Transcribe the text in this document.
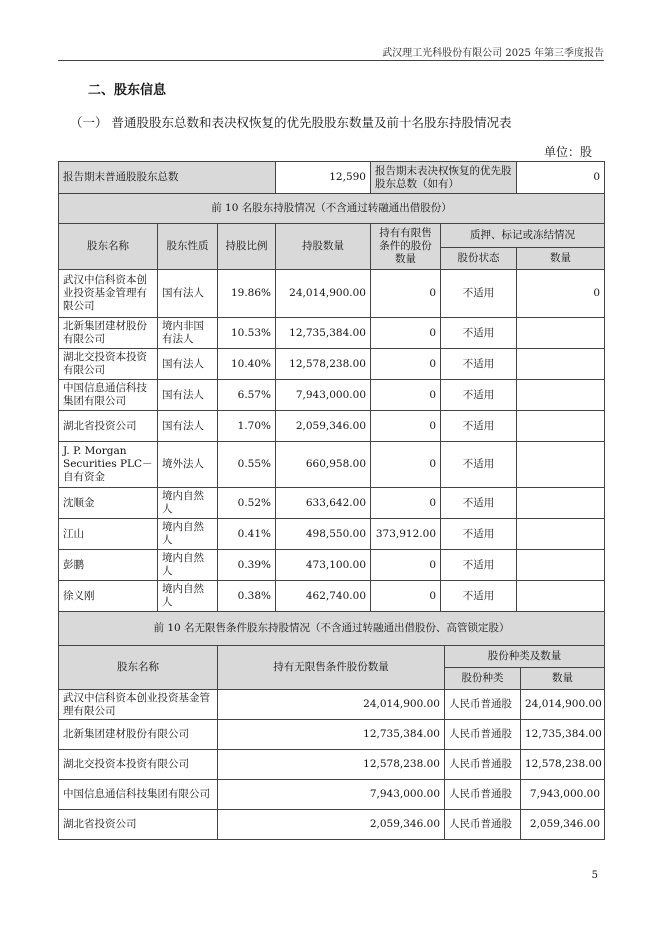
武汉理工光科股份有限公司 2025 年第三季度报告
二、股东信息
（一） 普通股股东总数和表决权恢复的优先股股东数量及前十名股东持股情况表
单位：股
报告期末普通股股东总数			12,590	报告期末表决权恢复的优先股股东总数（如有）		0
前 10 名股东持股情况（不含通过转融通出借股份）						
股东名称	股东性质	持股比例	持股数量	持有有限售条件的股份数量	质押、标记或冻结情况	
					股份状态	数量
武汉中信科资本创业投资基金管理有限公司	国有法人	19.86%	24,014,900.00	0	不适用	0
北新集团建材股份有限公司	境内非国有法人	10.53%	12,735,384.00	0	不适用	
湖北交投资本投资有限公司	国有法人	10.40%	12,578,238.00	0	不适用	
中国信息通信科技集团有限公司	国有法人	6.57%	7,943,000.00	0	不适用	
湖北省投资公司	国有法人	1.70%	2,059,346.00	0	不适用	
J. P. Morgan Securities PLC－自有资金	境外法人	0.55%	660,958.00	0	不适用	
沈顺金	境内自然人	0.52%	633,642.00	0	不适用	
江山	境内自然人	0.41%	498,550.00	373,912.00	不适用	
彭鹏	境内自然人	0.39%	473,100.00	0	不适用	
徐义刚	境内自然人	0.38%	462,740.00	0	不适用	
前 10 名无限售条件股东持股情况（不含通过转融通出借股份、高管锁定股）			
股东名称	持有无限售条件股份数量	股份种类及数量	
		股份种类	数量
武汉中信科资本创业投资基金管理有限公司	24,014,900.00	人民币普通股	24,014,900.00
北新集团建材股份有限公司	12,735,384.00	人民币普通股	12,735,384.00
湖北交投资本投资有限公司	12,578,238.00	人民币普通股	12,578,238.00
中国信息通信科技集团有限公司	7,943,000.00	人民币普通股	7,943,000.00
湖北省投资公司	2,059,346.00	人民币普通股	2,059,346.00
5
